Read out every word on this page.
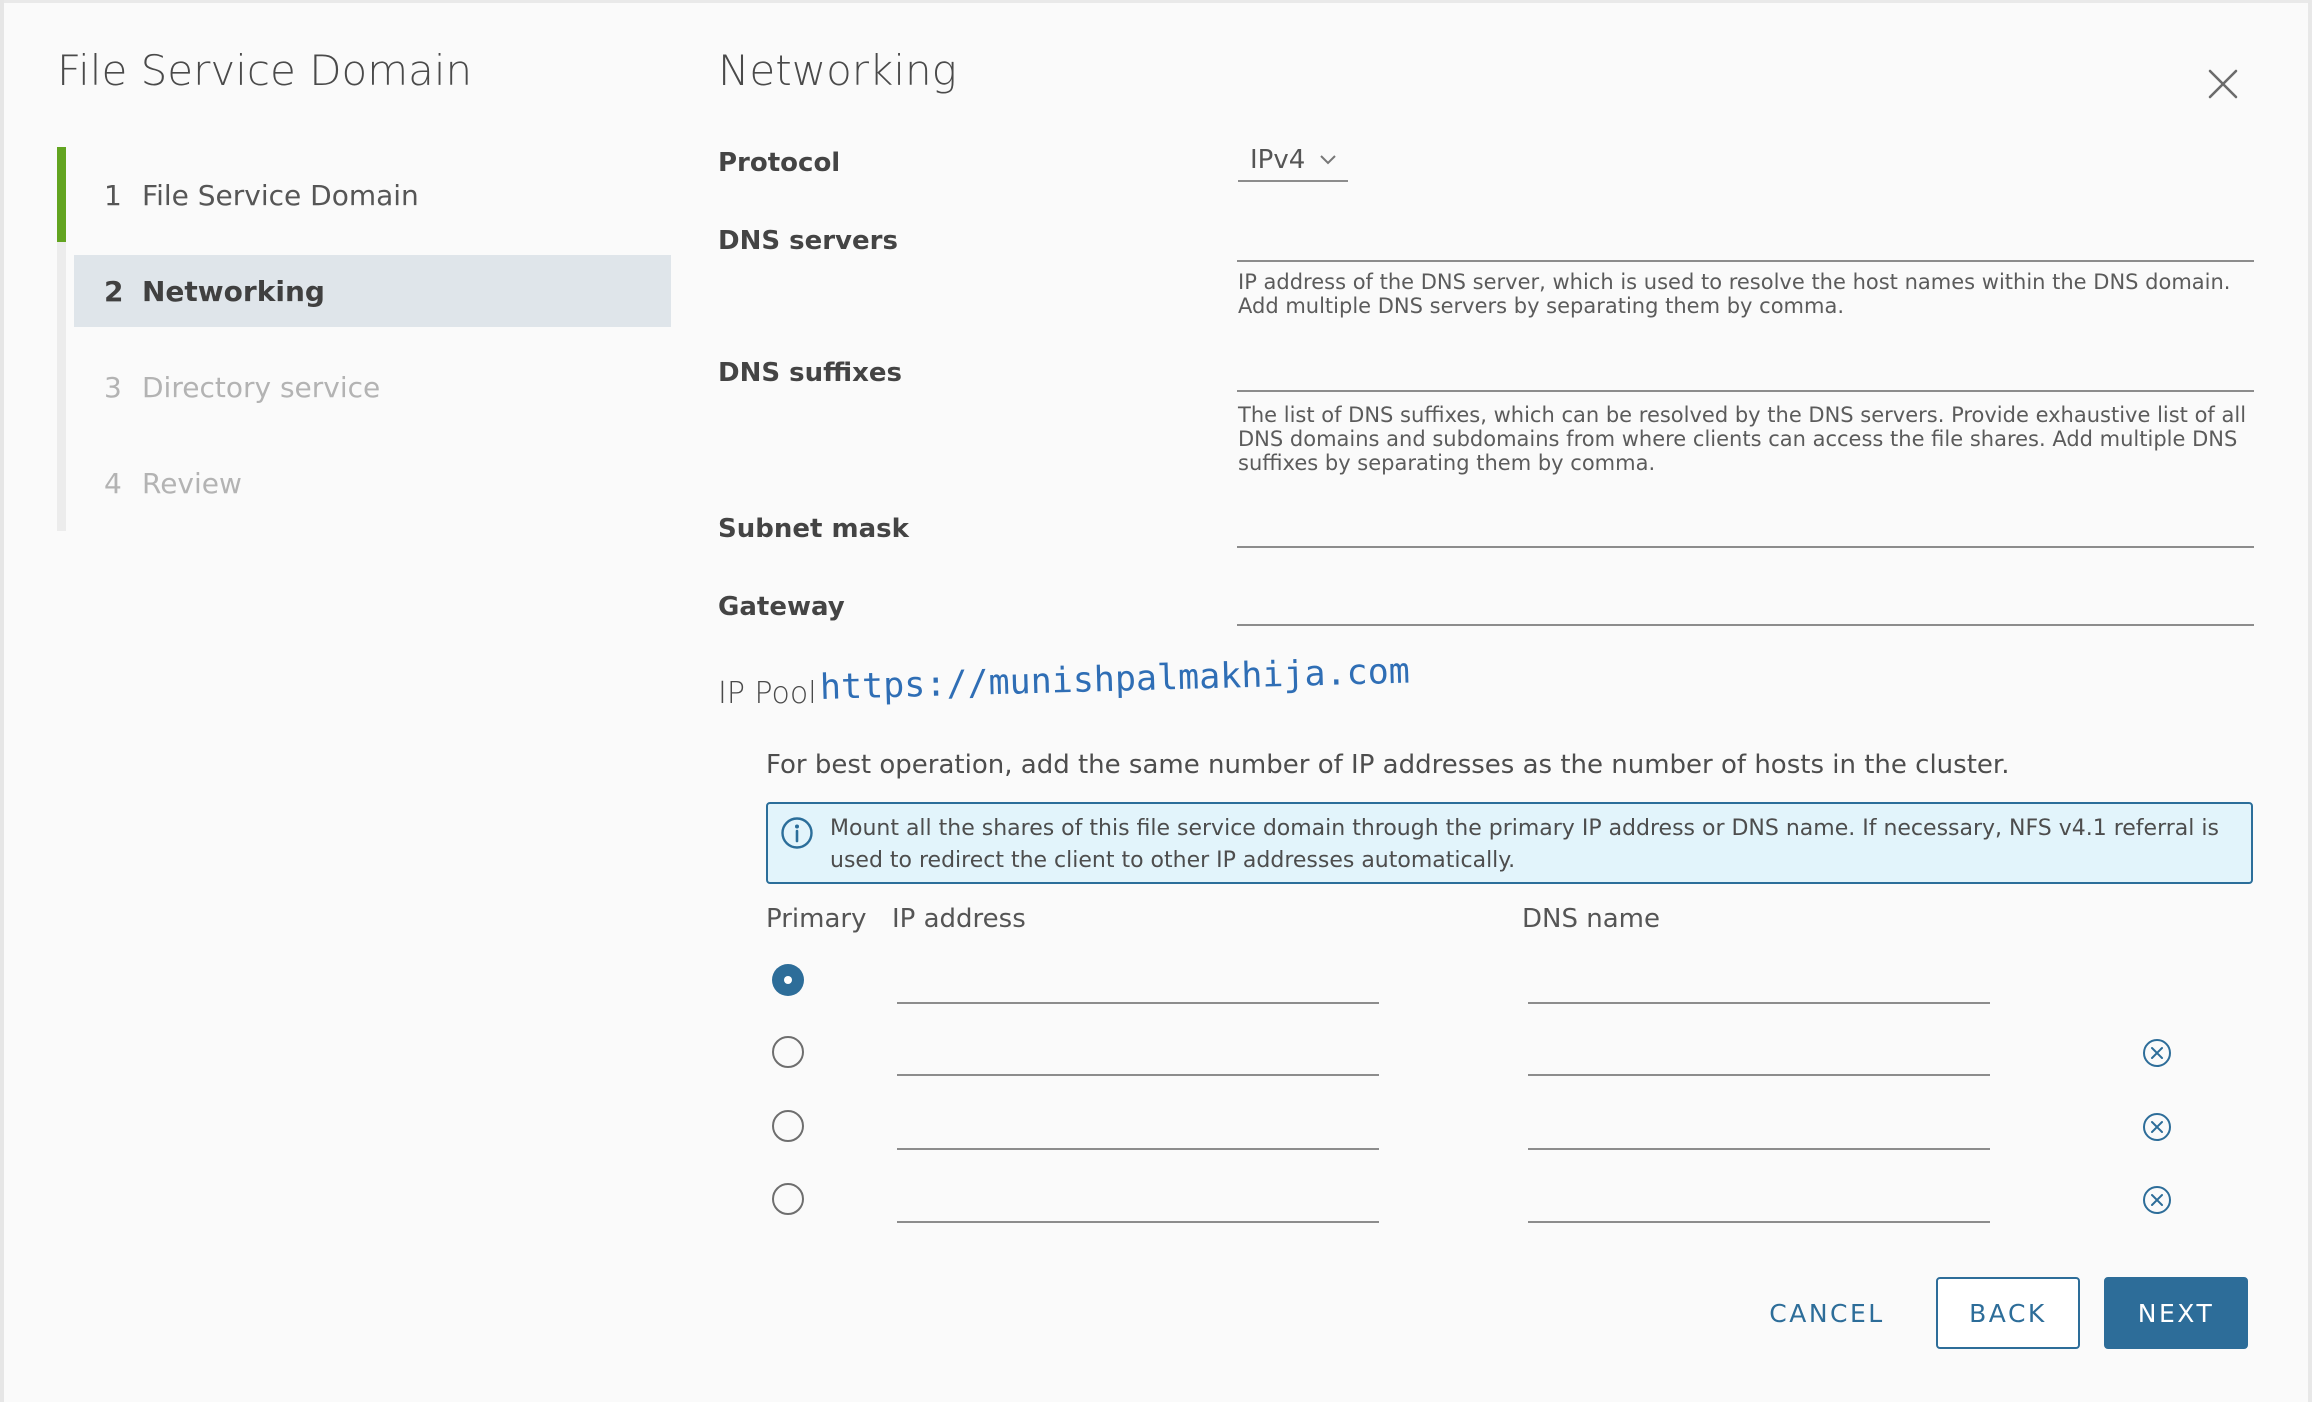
File Service Domain
1 File Service Domain
2 Networking
3 Directory service
4 Review
Networking
Protocol	IPv4
DNS servers
IP address of the DNS server, which is used to resolve the host names within the DNS domain. Add multiple DNS servers by separating them by comma.
DNS suffixes
The list of DNS suffixes, which can be resolved by the DNS servers. Provide exhaustive list of all DNS domains and subdomains from where clients can access the file shares. Add multiple DNS suffixes by separating them by comma.
Subnet mask
Gateway
IP Pool https://munishpalmakhija.com
For best operation, add the same number of IP addresses as the number of hosts in the cluster.
Mount all the shares of this file service domain through the primary IP address or DNS name. If necessary, NFS v4.1 referral is used to redirect the client to other IP addresses automatically.
Primary IP address	DNS name
CANCEL	BACK	NEXT
